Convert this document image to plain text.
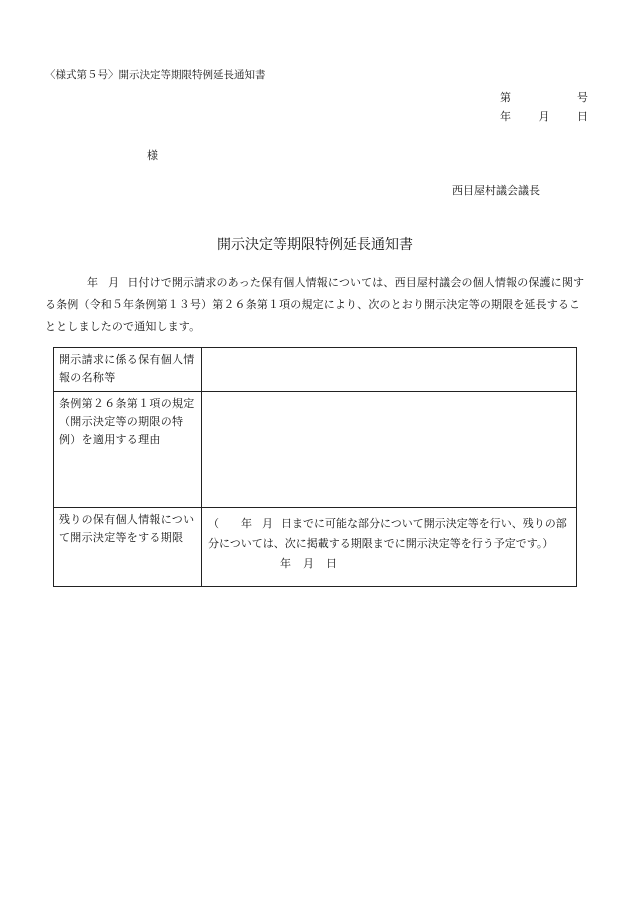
〈様式第５号〉開示決定等期限特例延長通知書
第	号
年	月	日
様
西目屋村議会議長
開示決定等期限特例延長通知書
年 月 日付けで開示請求のあった保有個人情報については、西目屋村議会の個人情報の保護に関する条例（令和５年条例第１３号）第２６条第１項の規定により、次のとおり開示決定等の期限を延長することとしましたので通知します。
開示請求に係る保有個人情報の名称等	
条例第２６条第１項の規定（開示決定等の期限の特例）を適用する理由	
残りの保有個人情報について開示決定等をする期限	（ 年 月 日までに可能な部分について開示決定等を行い、残りの部分については、次に掲載する期限までに開示決定等を行う予定です。）
年 月 日
